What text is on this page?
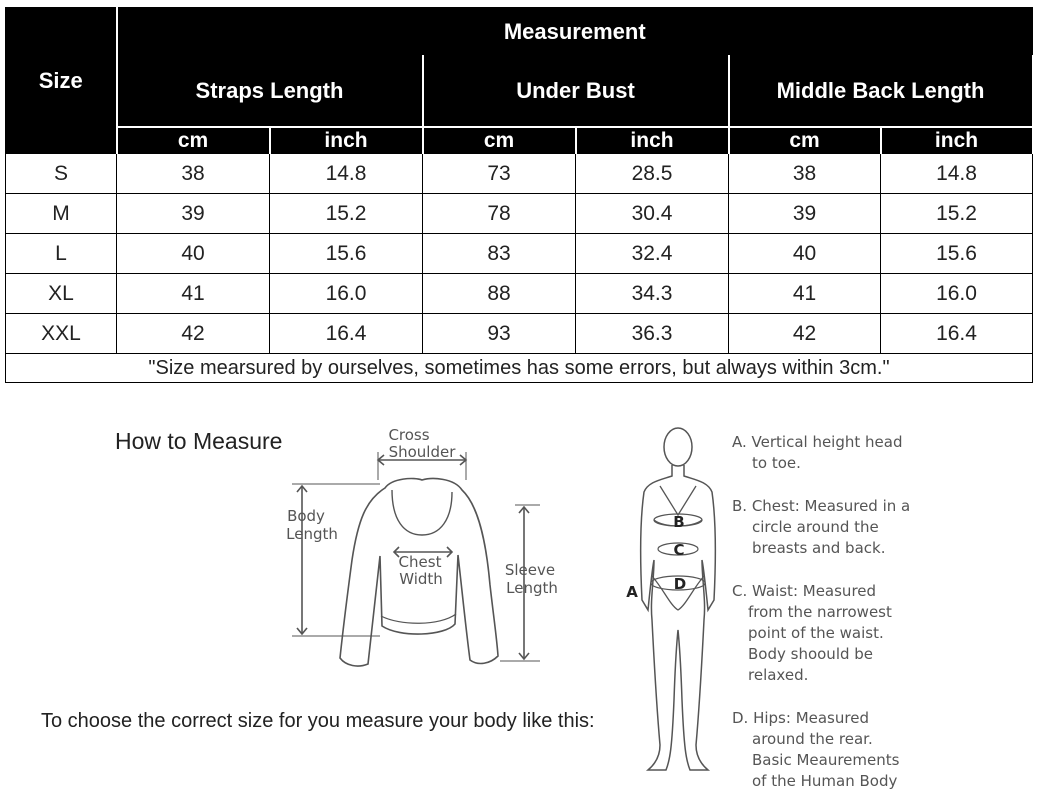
Size	Measurement					
	Straps Length		Under Bust		Middle Back Length	
	cm	inch	cm	inch	cm	inch
S	38	14.8	73	28.5	38	14.8
M	39	15.2	78	30.4	39	15.2
L	40	15.6	83	32.4	40	15.6
XL	41	16.0	88	34.3	41	16.0
XXL	42	16.4	93	36.3	42	16.4
"Size mearsured by ourselves, sometimes has some errors, but always within 3cm."						
How to Measure
To choose the correct size for you measure your body like this:
Cross
Shoulder
Body
Length
Chest
Width	Sleeve
Length
B
C
D
A
A. Vertical height head
to toe.
B. Chest: Measured in a
circle around the
breasts and back.
C. Waist: Measured
from the narrowest
point of the waist.
Body shoould be
relaxed.
D. Hips: Measured
around the rear.
Basic Meaurements
of the Human Body
